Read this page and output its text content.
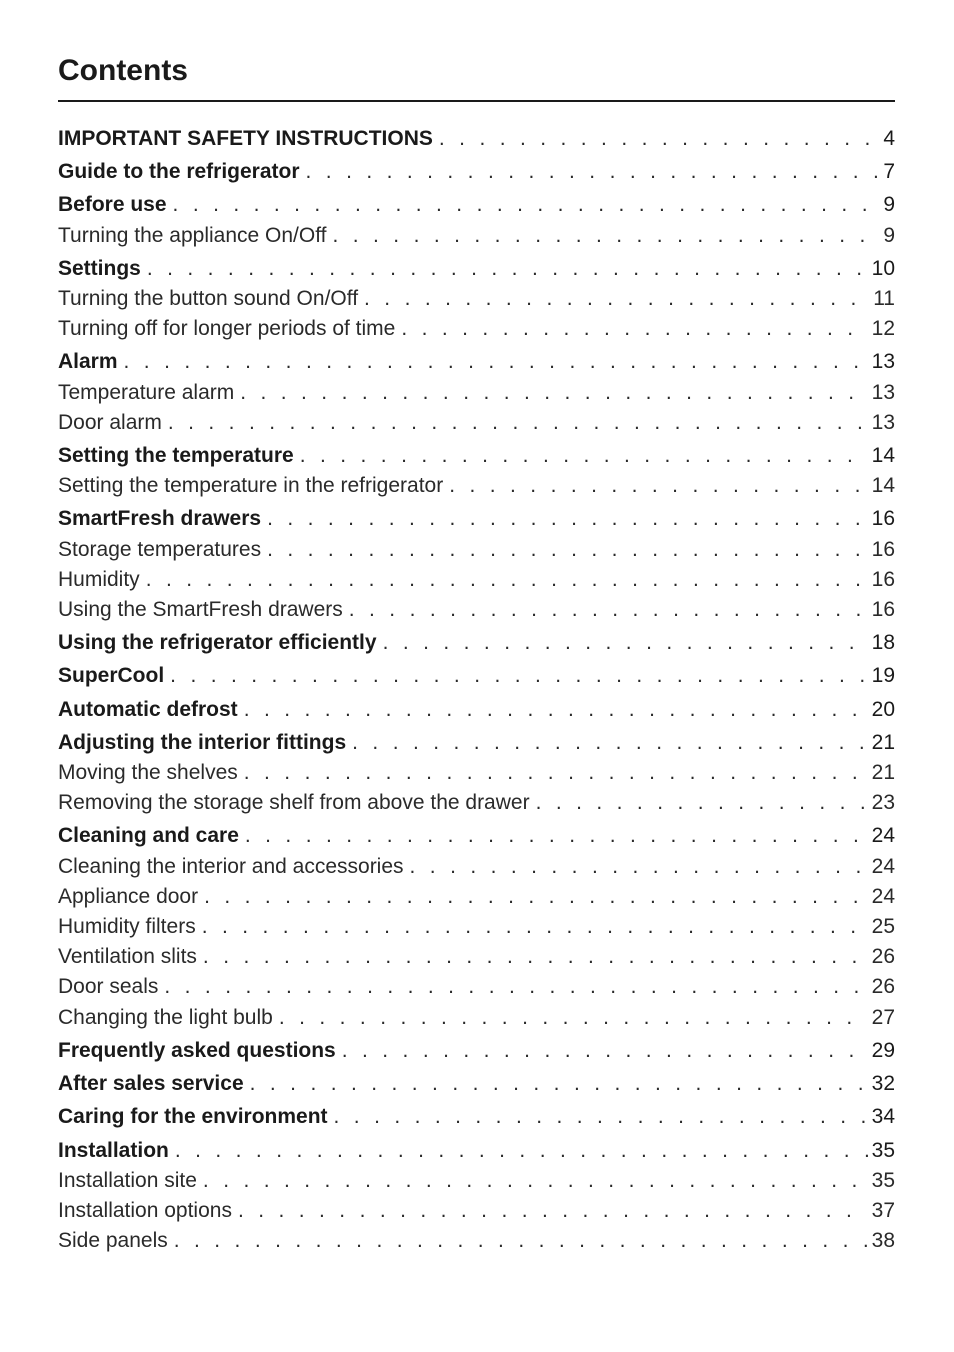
Contents
IMPORTANT SAFETY INSTRUCTIONS . . .	4
Guide to the refrigerator . . .	7
Before use . . .	9
Turning the appliance On/Off . . .	9
Settings . . .	10
Turning the button sound On/Off . . .	11
Turning off for longer periods of time . . .	12
Alarm . . .	13
Temperature alarm . . .	13
Door alarm . . .	13
Setting the temperature . . .	14
Setting the temperature in the refrigerator . . .	14
SmartFresh drawers . . .	16
Storage temperatures . . .	16
Humidity . . .	16
Using the SmartFresh drawers . . .	16
Using the refrigerator efficiently . . .	18
SuperCool . . .	19
Automatic defrost . . .	20
Adjusting the interior fittings . . .	21
Moving the shelves . . .	21
Removing the storage shelf from above the drawer . . .	23
Cleaning and care . . .	24
Cleaning the interior and accessories . . .	24
Appliance door . . .	24
Humidity filters . . .	25
Ventilation slits . . .	26
Door seals . . .	26
Changing the light bulb . . .	27
Frequently asked questions . . .	29
After sales service . . .	32
Caring for the environment . . .	34
Installation . . .	35
Installation site . . .	35
Installation options . . .	37
Side panels . . .	38
